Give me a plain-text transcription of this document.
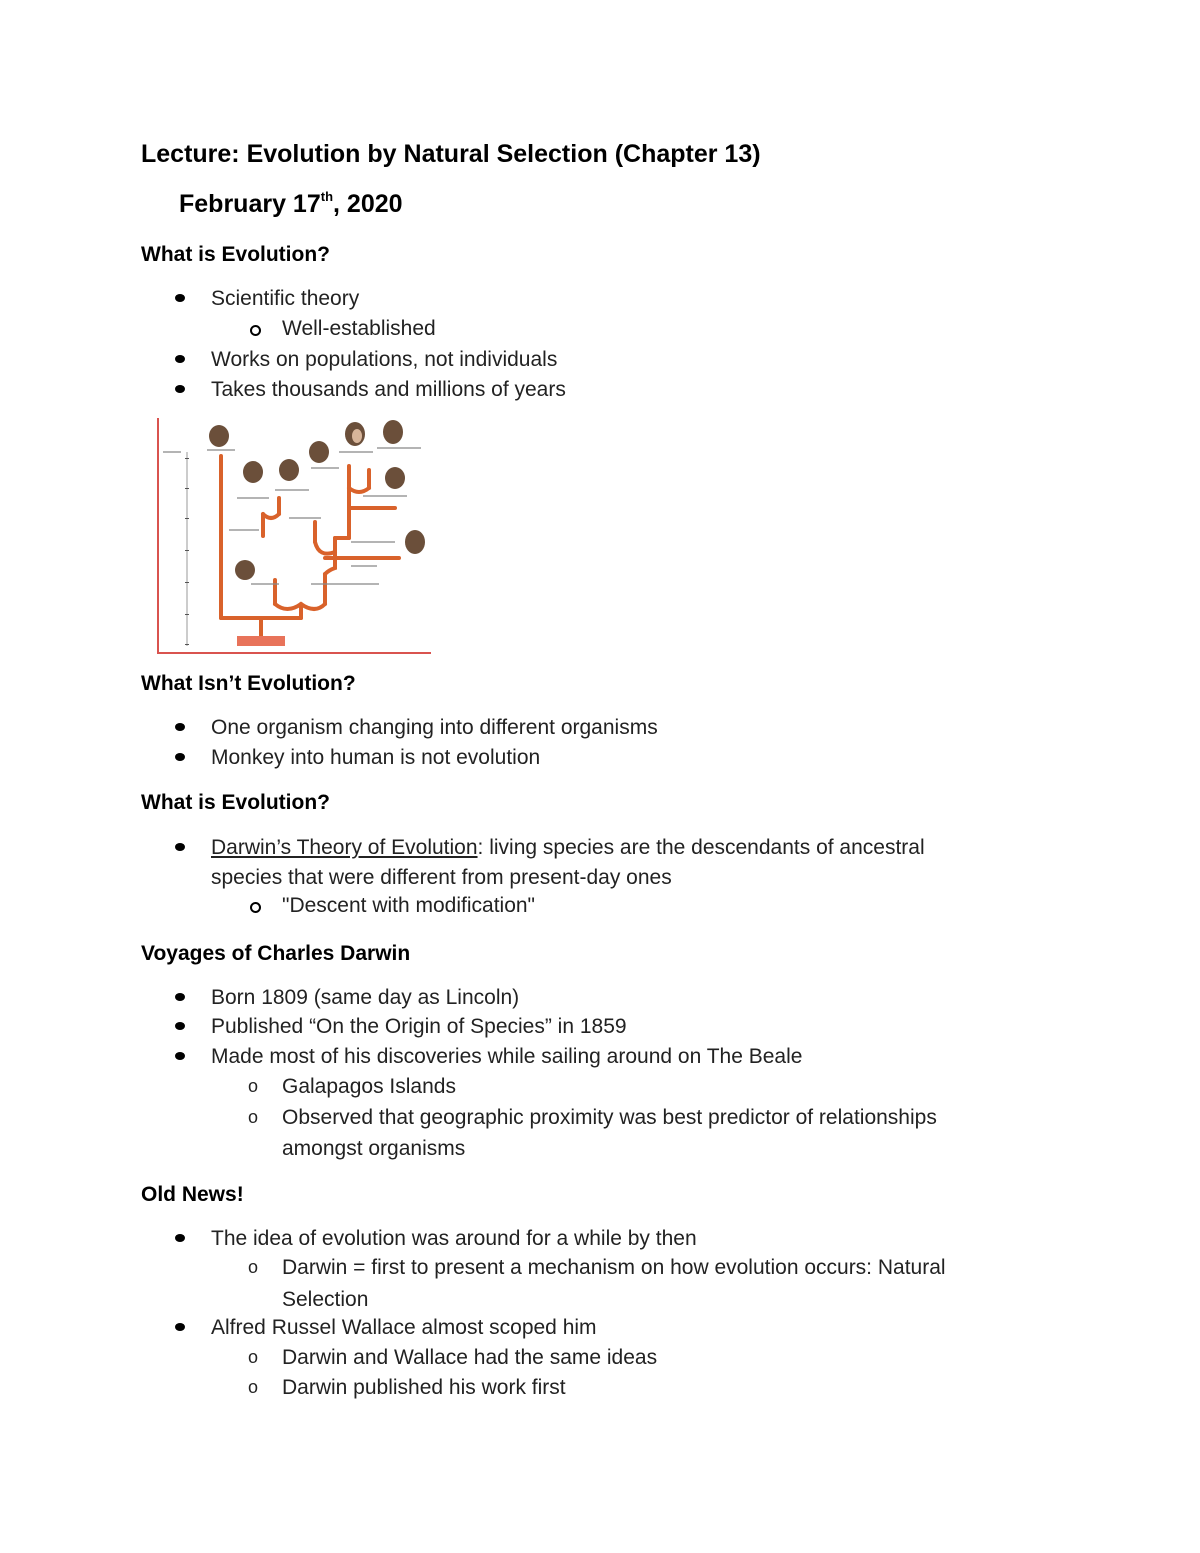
Lecture: Evolution by Natural Selection (Chapter 13)
February 17th, 2020
What is Evolution?
Scientific theory
Well-established
Works on populations, not individuals
Takes thousands and millions of years
What Isn’t Evolution?
One organism changing into different organisms
Monkey into human is not evolution
What is Evolution?
Darwin’s Theory of Evolution: living species are the descendants of ancestral
species that were different from present-day ones
"Descent with modification"
Voyages of Charles Darwin
Born 1809 (same day as Lincoln)
Published “On the Origin of Species” in 1859
Made most of his discoveries while sailing around on The Beale
o Galapagos Islands
o Observed that geographic proximity was best predictor of relationships
amongst organisms
Old News!
The idea of evolution was around for a while by then
o Darwin = first to present a mechanism on how evolution occurs: Natural
Selection
Alfred Russel Wallace almost scoped him
o Darwin and Wallace had the same ideas
o Darwin published his work first
